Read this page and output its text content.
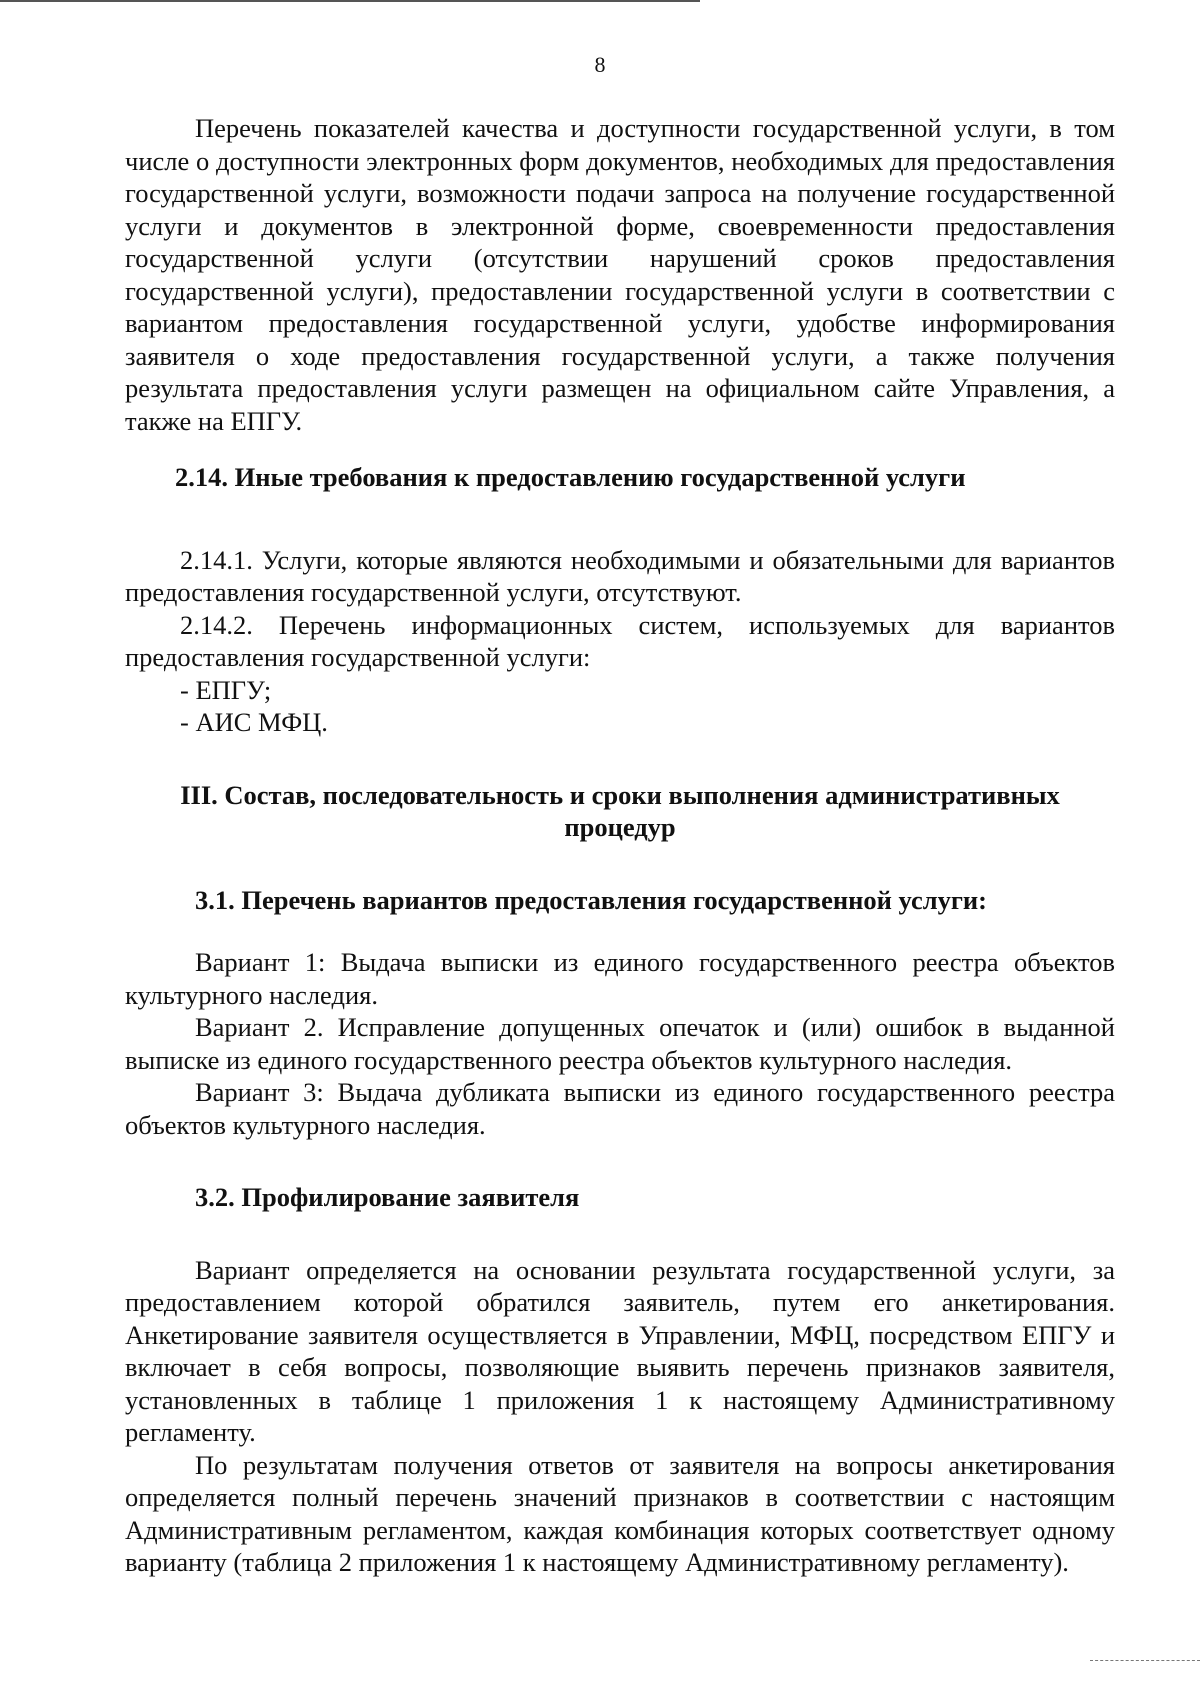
8

Перечень показателей качества и доступности государственной услуги, в том числе о доступности электронных форм документов, необходимых для предоставления государственной услуги, возможности подачи запроса на получение государственной услуги и документов в электронной форме, своевременности предоставления государственной услуги (отсутствии нарушений сроков предоставления государственной услуги), предоставлении государственной услуги в соответствии с вариантом предоставления государственной услуги, удобстве информирования заявителя о ходе предоставления государственной услуги, а также получения результата предоставления услуги размещен на официальном сайте Управления, а также на ЕПГУ.

2.14. Иные требования к предоставлению государственной услуги

2.14.1. Услуги, которые являются необходимыми и обязательными для вариантов предоставления государственной услуги, отсутствуют.

2.14.2. Перечень информационных систем, используемых для вариантов предоставления государственной услуги:

- ЕПГУ;

- АИС МФЦ.

III. Состав, последовательность и сроки выполнения административных процедур

3.1. Перечень вариантов предоставления государственной услуги:

Вариант 1: Выдача выписки из единого государственного реестра объектов культурного наследия.

Вариант 2. Исправление допущенных опечаток и (или) ошибок в выданной выписке из единого государственного реестра объектов культурного наследия.

Вариант 3: Выдача дубликата выписки из единого государственного реестра объектов культурного наследия.

3.2. Профилирование заявителя

Вариант определяется на основании результата государственной услуги, за предоставлением которой обратился заявитель, путем его анкетирования. Анкетирование заявителя осуществляется в Управлении, МФЦ, посредством ЕПГУ и включает в себя вопросы, позволяющие выявить перечень признаков заявителя, установленных в таблице 1 приложения 1 к настоящему Административному регламенту.

По результатам получения ответов от заявителя на вопросы анкетирования определяется полный перечень значений признаков в соответствии с настоящим Административным регламентом, каждая комбинация которых соответствует одному варианту (таблица 2 приложения 1 к настоящему Административному регламенту).
